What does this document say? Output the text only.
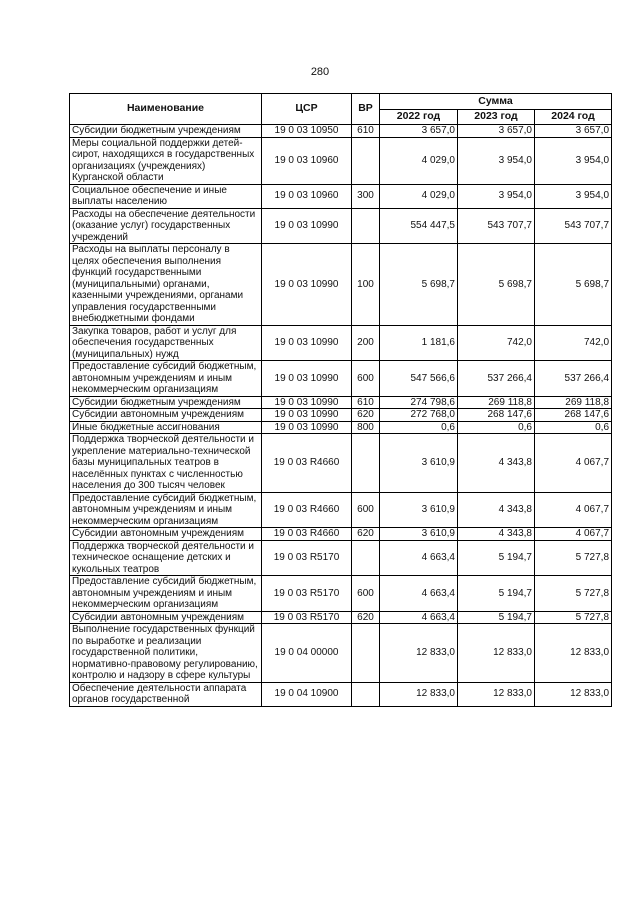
280
Наименование	ЦСР	ВР	Сумма		
			2022 год	2023 год	2024 год
Субсидии бюджетным учреждениям	19 0 03 10950	610	3 657,0	3 657,0	3 657,0
Меры социальной поддержки детей-сирот, находящихся в государственных организациях (учреждениях) Курганской области	19 0 03 10960		4 029,0	3 954,0	3 954,0
Социальное обеспечение и иные выплаты населению	19 0 03 10960	300	4 029,0	3 954,0	3 954,0
Расходы на обеспечение деятельности (оказание услуг) государственных учреждений	19 0 03 10990		554 447,5	543 707,7	543 707,7
Расходы на выплаты персоналу в целях обеспечения выполнения функций государственными (муниципальными) органами, казенными учреждениями, органами управления государственными внебюджетными фондами	19 0 03 10990	100	5 698,7	5 698,7	5 698,7
Закупка товаров, работ и услуг для обеспечения государственных (муниципальных) нужд	19 0 03 10990	200	1 181,6	742,0	742,0
Предоставление субсидий бюджетным, автономным учреждениям и иным некоммерческим организациям	19 0 03 10990	600	547 566,6	537 266,4	537 266,4
Субсидии бюджетным учреждениям	19 0 03 10990	610	274 798,6	269 118,8	269 118,8
Субсидии автономным учреждениям	19 0 03 10990	620	272 768,0	268 147,6	268 147,6
Иные бюджетные ассигнования	19 0 03 10990	800	0,6	0,6	0,6
Поддержка творческой деятельности и укрепление материально-технической базы муниципальных театров в населённых пунктах с численностью населения до 300 тысяч человек	19 0 03 R4660		3 610,9	4 343,8	4 067,7
Предоставление субсидий бюджетным, автономным учреждениям и иным некоммерческим организациям	19 0 03 R4660	600	3 610,9	4 343,8	4 067,7
Субсидии автономным учреждениям	19 0 03 R4660	620	3 610,9	4 343,8	4 067,7
Поддержка творческой деятельности и техническое оснащение детских и кукольных театров	19 0 03 R5170		4 663,4	5 194,7	5 727,8
Предоставление субсидий бюджетным, автономным учреждениям и иным некоммерческим организациям	19 0 03 R5170	600	4 663,4	5 194,7	5 727,8
Субсидии автономным учреждениям	19 0 03 R5170	620	4 663,4	5 194,7	5 727,8
Выполнение государственных функций по выработке и реализации государственной политики, нормативно-правовому регулированию, контролю и надзору в сфере культуры	19 0 04 00000		12 833,0	12 833,0	12 833,0
Обеспечение деятельности аппарата органов государственной	19 0 04 10900		12 833,0	12 833,0	12 833,0
